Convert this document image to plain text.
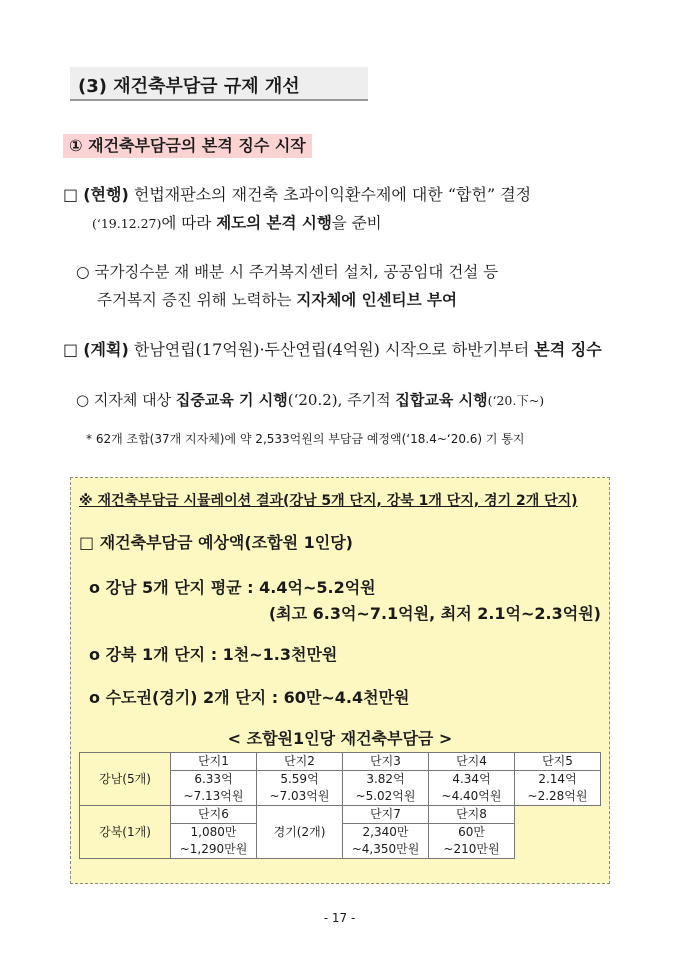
(3) 재건축부담금 규제 개선
① 재건축부담금의 본격 징수 시작
□ (현행) 헌법재판소의 재건축 초과이익환수제에 대한 “합헌” 결정
(‘19.12.27)에 따라 제도의 본격 시행을 준비
○ 국가징수분 재 배분 시 주거복지센터 설치, 공공임대 건설 등
주거복지 증진 위해 노력하는 지자체에 인센티브 부여
□ (계획) 한남연립(17억원)·두산연립(4억원) 시작으로 하반기부터 본격 징수
○ 지자체 대상 집중교육 기 시행(‘20.2), 주기적 집합교육 시행(‘20.下~)
* 62개 조합(37개 지자체)에 약 2,533억원의 부담금 예정액(‘18.4~‘20.6) 기 통지
※ 재건축부담금 시뮬레이션 결과(강남 5개 단지, 강북 1개 단지, 경기 2개 단지)
□ 재건축부담금 예상액(조합원 1인당)
ο 강남 5개 단지 평균 : 4.4억~5.2억원
(최고 6.3억~7.1억원, 최저 2.1억~2.3억원)
ο 강북 1개 단지 : 1천~1.3천만원
ο 수도권(경기) 2개 단지 : 60만~4.4천만원
< 조합원1인당 재건축부담금 >
강남(5개)	단지1	단지2	단지3	단지4	단지5
	6.33억	5.59억	3.82억	4.34억	2.14억
	~7.13억원	~7.03억원	~5.02억원	~4.40억원	~2.28억원
강북(1개)	단지6	경기(2개)	단지7	단지8	
	1,080만		2,340만	60만	
	~1,290만원		~4,350만원	~210만원	
- 17 -
